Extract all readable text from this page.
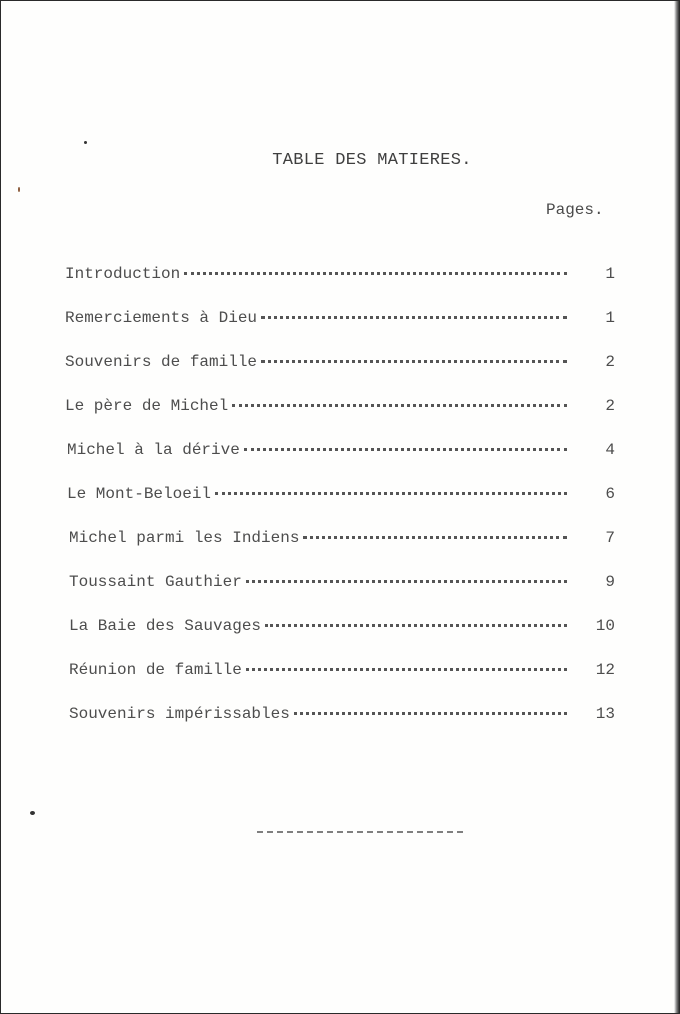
TABLE DES MATIERES.
Pages.
Introduction	1
Remerciements à Dieu	1
Souvenirs de famille	2
Le père de Michel	2
Michel à la dérive	4
Le Mont-Beloeil	6
Michel parmi les Indiens	7
Toussaint Gauthier	9
La Baie des Sauvages	10
Réunion de famille	12
Souvenirs impérissables	13
